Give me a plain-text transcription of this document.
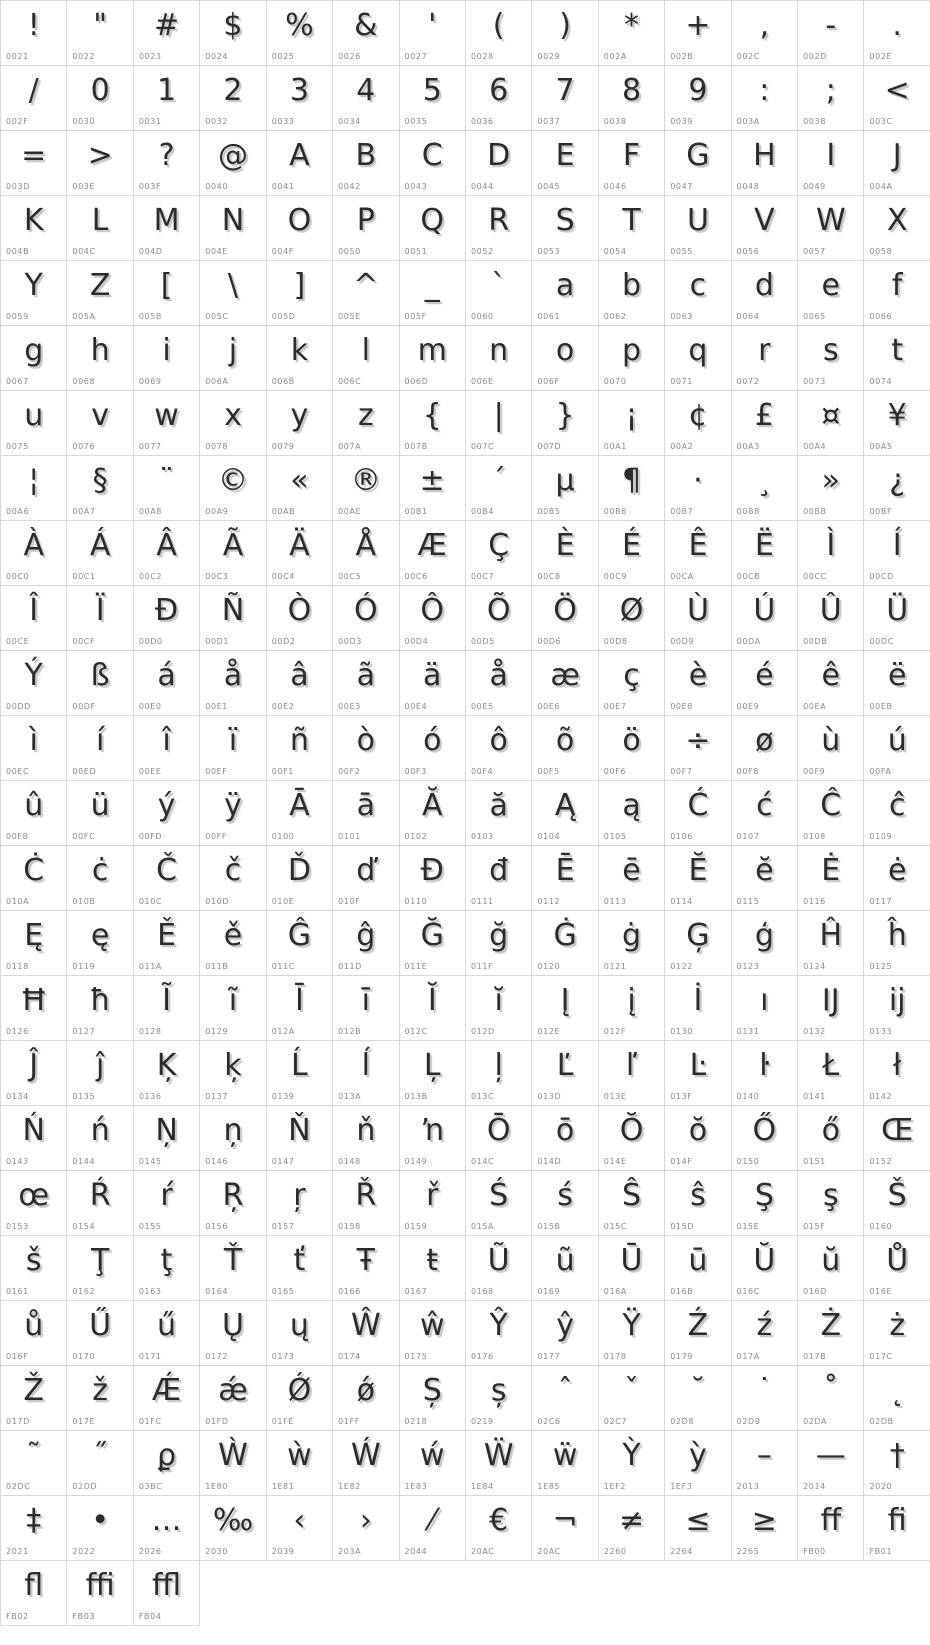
!
0021
"
0022
#
0023
$
0024
%
0025
&
0026
'
0027
(
0028
)
0029
*
002A
+
002B
,
002C
-
002D
.
002E
/
002F
0
0030
1
0031
2
0032
3
0033
4
0034
5
0035
6
0036
7
0037
8
0038
9
0039
:
003A
;
003B
<
003C
=
003D
>
003E
?
003F
@
0040
A
0041
B
0042
C
0043
D
0044
E
0045
F
0046
G
0047
H
0048
I
0049
J
004A
K
004B
L
004C
M
004D
N
004E
O
004F
P
0050
Q
0051
R
0052
S
0053
T
0054
U
0055
V
0056
W
0057
X
0058
Y
0059
Z
005A
[
005B
\
005C
]
005D
^
005E
_
005F
`
0060
a
0061
b
0062
c
0063
d
0064
e
0065
f
0066
g
0067
h
0068
i
0069
j
006A
k
006B
l
006C
m
006D
n
006E
o
006F
p
0070
q
0071
r
0072
s
0073
t
0074
u
0075
v
0076
w
0077
x
0078
y
0079
z
007A
{
007B
|
007C
}
007D
¡
00A1
¢
00A2
£
00A3
¤
00A4
¥
00A5
¦
00A6
§
00A7
¨
00A8
©
00A9
«
00AB
®
00AE
±
00B1
´
00B4
µ
00B5
¶
00B6
·
00B7
¸
00B8
»
00BB
¿
00BF
À
00C0
Á
00C1
Â
00C2
Ã
00C3
Ä
00C4
Å
00C5
Æ
00C6
Ç
00C7
È
00C8
É
00C9
Ê
00CA
Ë
00CB
Ì
00CC
Í
00CD
Î
00CE
Ï
00CF
Ð
00D0
Ñ
00D1
Ò
00D2
Ó
00D3
Ô
00D4
Õ
00D5
Ö
00D6
Ø
00D8
Ù
00D9
Ú
00DA
Û
00DB
Ü
00DC
Ý
00DD
ß
00DF
á
00E0
å
00E1
â
00E2
ã
00E3
ä
00E4
å
00E5
æ
00E6
ç
00E7
è
00E8
é
00E9
ê
00EA
ë
00EB
ì
00EC
í
00ED
î
00EE
ï
00EF
ñ
00F1
ò
00F2
ó
00F3
ô
00F4
õ
00F5
ö
00F6
÷
00F7
ø
00F8
ù
00F9
ú
00FA
û
00FB
ü
00FC
ý
00FD
ÿ
00FF
Ā
0100
ā
0101
Ă
0102
ă
0103
Ą
0104
ą
0105
Ć
0106
ć
0107
Ĉ
0108
ĉ
0109
Ċ
010A
ċ
010B
Č
010C
č
010D
Ď
010E
ď
010F
Đ
0110
đ
0111
Ē
0112
ē
0113
Ĕ
0114
ĕ
0115
Ė
0116
ė
0117
Ę
0118
ę
0119
Ě
011A
ě
011B
Ĝ
011C
ĝ
011D
Ğ
011E
ğ
011F
Ġ
0120
ġ
0121
Ģ
0122
ģ
0123
Ĥ
0124
ĥ
0125
Ħ
0126
ħ
0127
Ĩ
0128
ĩ
0129
Ī
012A
ī
012B
Ĭ
012C
ĭ
012D
Į
012E
į
012F
İ
0130
ı
0131
Ĳ
0132
ĳ
0133
Ĵ
0134
ĵ
0135
Ķ
0136
ķ
0137
Ĺ
0139
ĺ
013A
Ļ
013B
ļ
013C
Ľ
013D
ľ
013E
Ŀ
013F
ŀ
0140
Ł
0141
ł
0142
Ń
0143
ń
0144
Ņ
0145
ņ
0146
Ň
0147
ň
0148
ŉ
0149
Ō
014C
ō
014D
Ŏ
014E
ŏ
014F
Ő
0150
ő
0151
Œ
0152
œ
0153
Ŕ
0154
ŕ
0155
Ŗ
0156
ŗ
0157
Ř
0158
ř
0159
Ś
015A
ś
015B
Ŝ
015C
ŝ
015D
Ş
015E
ş
015F
Š
0160
š
0161
Ţ
0162
ţ
0163
Ť
0164
ť
0165
Ŧ
0166
ŧ
0167
Ũ
0168
ũ
0169
Ū
016A
ū
016B
Ŭ
016C
ŭ
016D
Ů
016E
ů
016F
Ű
0170
ű
0171
Ų
0172
ų
0173
Ŵ
0174
ŵ
0175
Ŷ
0176
ŷ
0177
Ÿ
0178
Ź
0179
ź
017A
Ż
017B
ż
017C
Ž
017D
ž
017E
Ǽ
01FC
ǽ
01FD
Ǿ
01FE
ǿ
01FF
Ș
0218
ș
0219
ˆ
02C6
ˇ
02C7
˘
02D8
˙
02D9
˚
02DA
˛
02DB
˜
02DC
˝
02DD
ϼ
03BC
Ẁ
1E80
ẁ
1E81
Ẃ
1E82
ẃ
1E83
Ẅ
1E84
ẅ
1E85
Ỳ
1EF2
ỳ
1EF3
–
2013
—
2014
†
2020
‡
2021
•
2022
…
2026
‰
2030
‹
2039
›
203A
⁄
2044
€
20AC
¬
20AC
≠
2260
≤
2264
≥
2265
ﬀ
FB00
ﬁ
FB01
ﬂ
FB02
ﬃ
FB03
ﬄ
FB04
